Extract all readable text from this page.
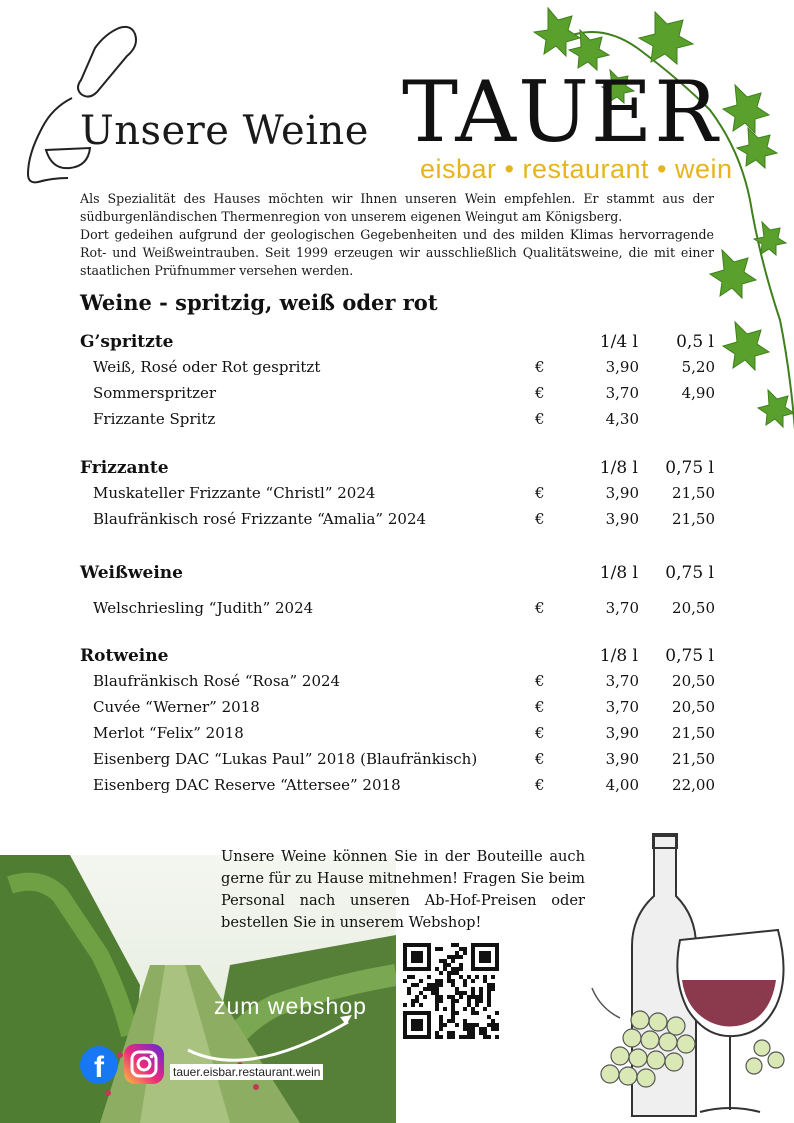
Unsere Weine TAUER
eisbar • restaurant • wein

Als Spezialität des Hauses möchten wir Ihnen unseren Wein empfehlen. Er stammt aus der südburgenländischen Thermenregion von unserem eigenen Weingut am Königsberg.

Dort gedeihen aufgrund der geologischen Gegebenheiten und des milden Klimas hervorragende Rot- und Weißweintrauben. Seit 1999 erzeugen wir ausschließlich Qualitätsweine, die mit einer staatlichen Prüfnummer versehen werden.

Weine - spritzig, weiß oder rot
G’spritzte	1/4 l 0,5 l
Weiß, Rosé oder Rot gespritzt	€	3,90	5,20
Sommerspritzer	€	3,70	4,90
Frizzante Spritz	€	4,30
Frizzante	1/8 l 0,75 l
Muskateller Frizzante “Christl” 2024	€	3,90 21,50
Blaufränkisch rosé Frizzante “Amalia” 2024	€	3,90 21,50
Weißweine	1/8 l 0,75 l
Welschriesling “Judith” 2024	€	3,70 20,50
Rotweine	1/8 l 0,75 l
Blaufränkisch Rosé “Rosa” 2024	€	3,70 20,50
Cuvée “Werner” 2018	€	3,70 20,50
Merlot “Felix” 2018	€	3,90 21,50
Eisenberg DAC “Lukas Paul” 2018 (Blaufränkisch)	€	3,90 21,50
Eisenberg DAC Reserve “Attersee” 2018	€	4,00 22,00
zum webshop
f	tauer.eisbar.restaurant.wein
Unsere Weine können Sie in der Bouteille auch gerne für zu Hause mitnehmen! Fragen Sie beim Personal nach unseren Ab-Hof-Preisen oder bestellen Sie in unserem Webshop!
